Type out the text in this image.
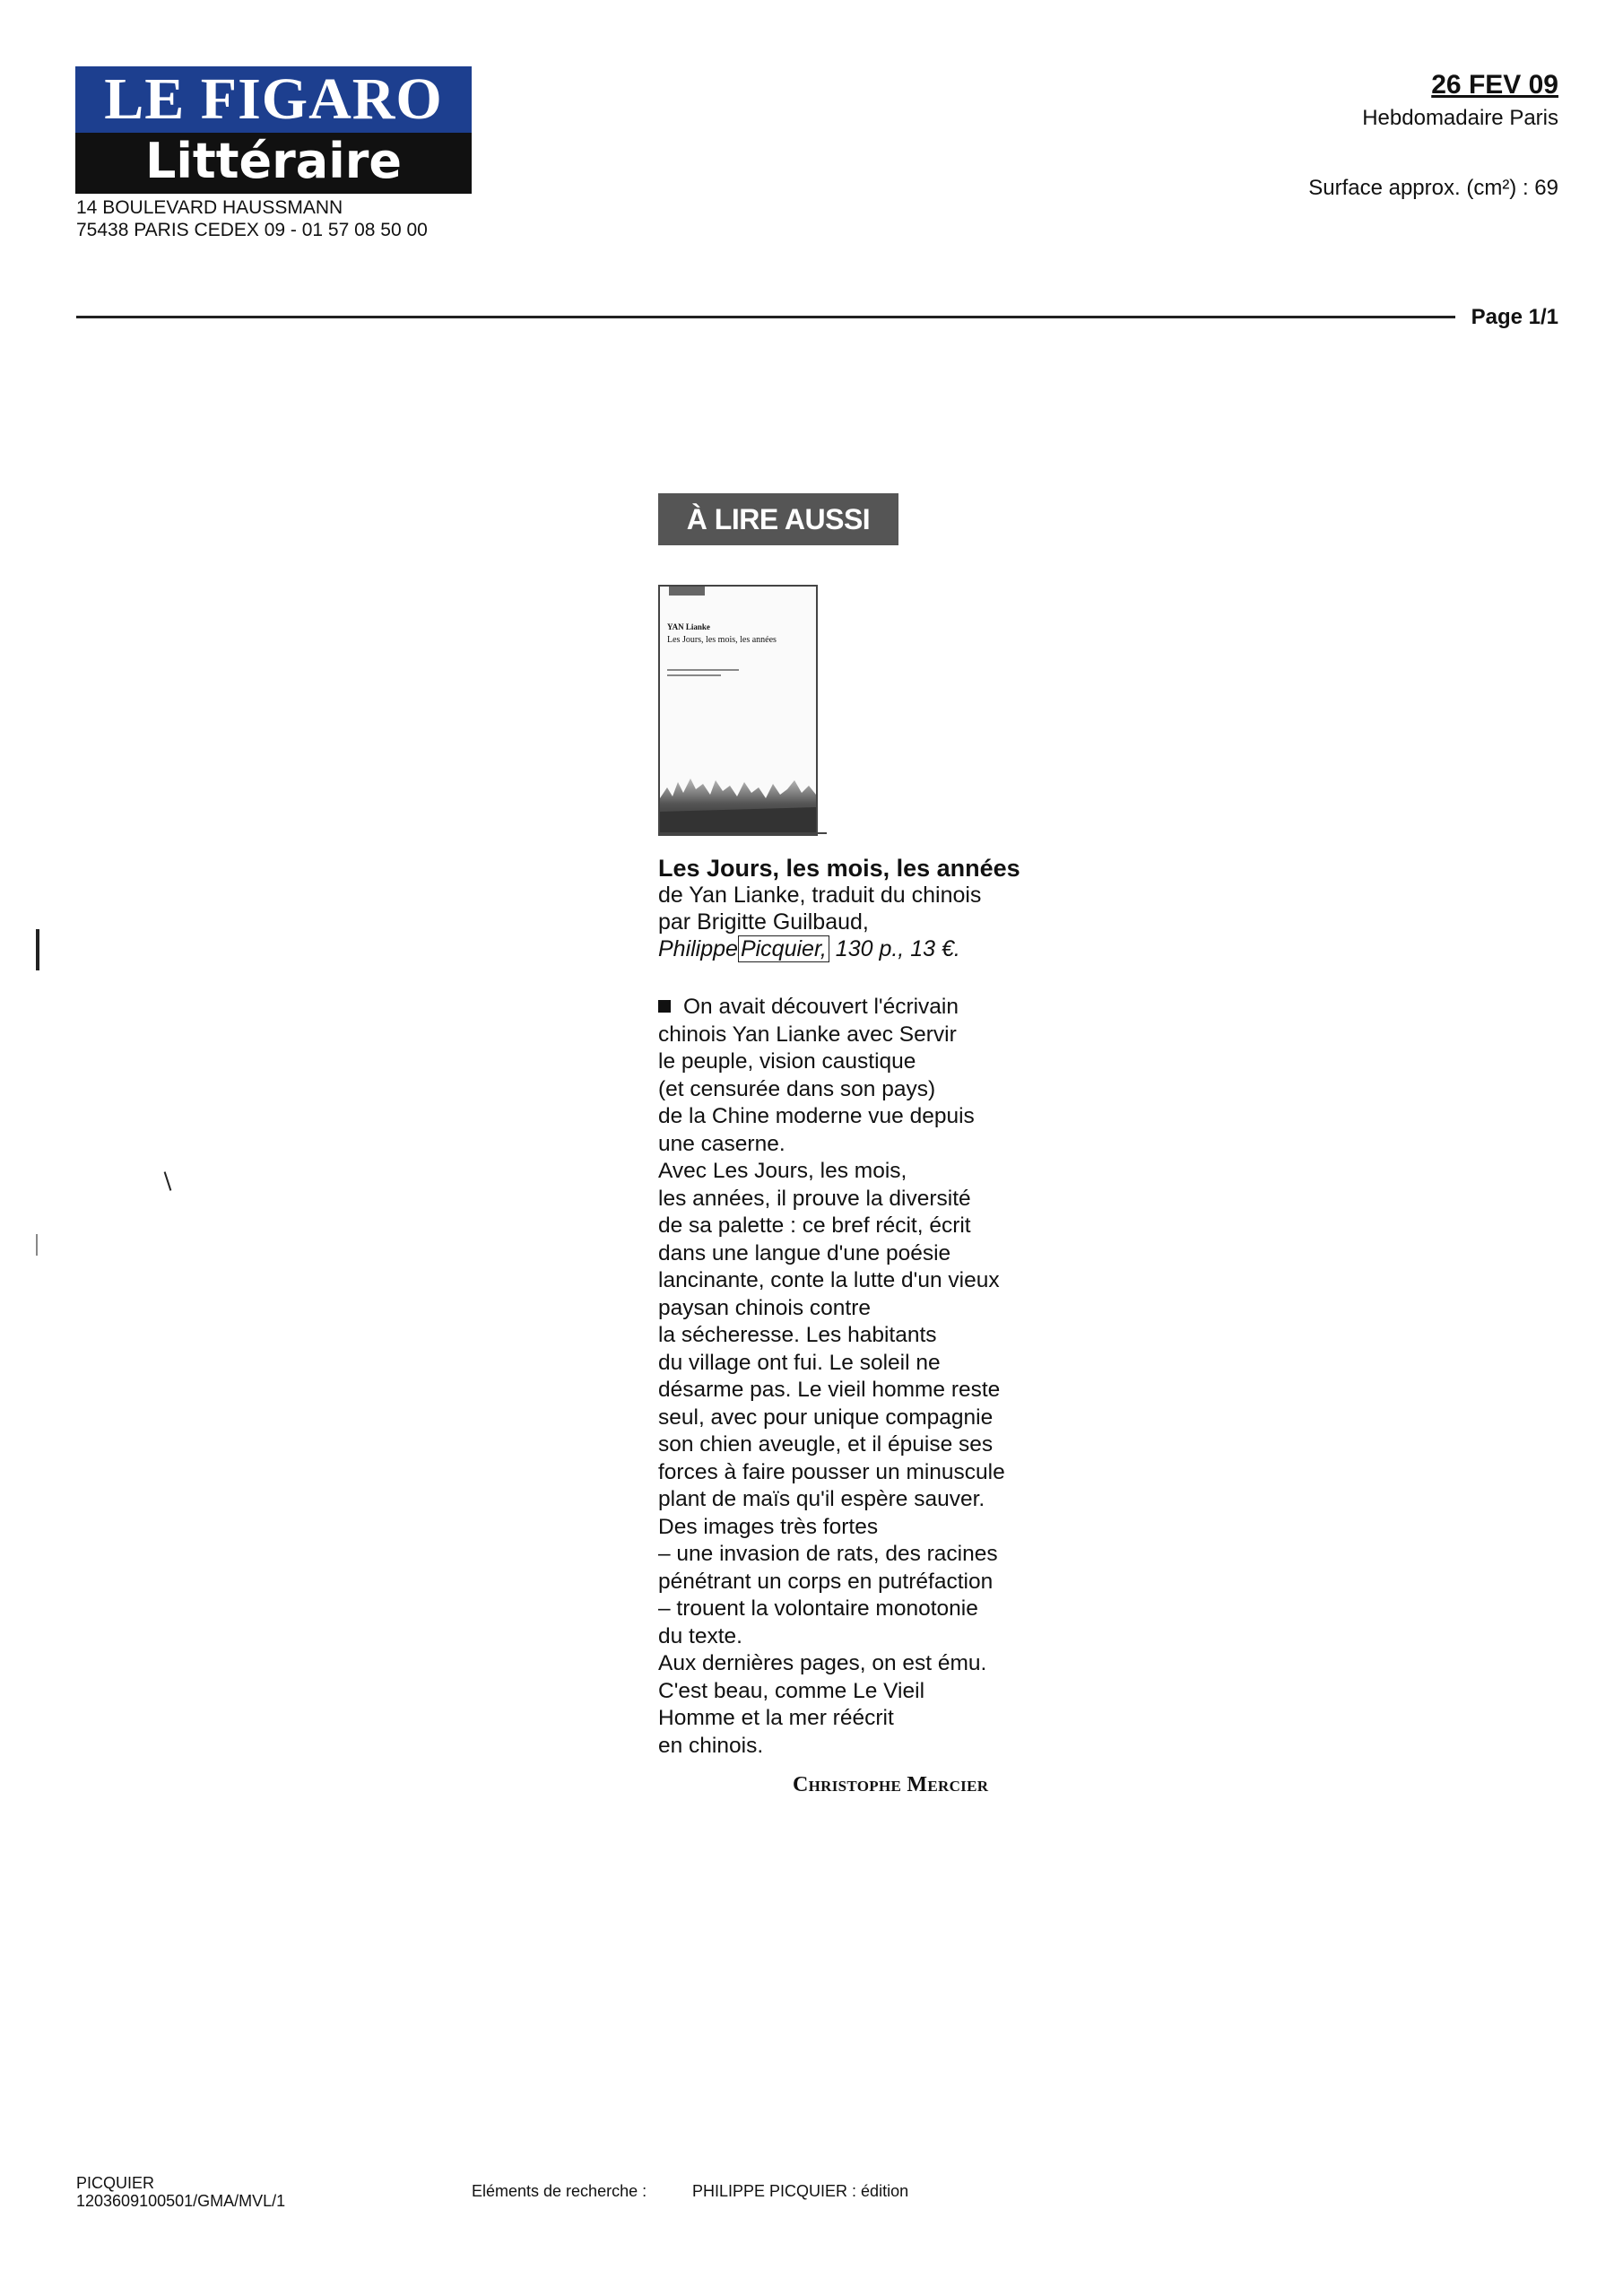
LE FIGARO
Littéraire
14 BOULEVARD HAUSSMANN
75438 PARIS CEDEX 09 - 01 57 08 50 00
26 FEV 09
Hebdomadaire Paris
Surface approx. (cm²) : 69
Page 1/1
À LIRE AUSSI
YAN Lianke
Les Jours, les mois, les années
Les Jours, les mois, les années
de Yan Lianke, traduit du chinois
par Brigitte Guilbaud,
Philippe Picquier, 130 p., 13 €.

On avait découvert l'écrivain

chinois Yan Lianke avec Servir

le peuple, vision caustique

(et censurée dans son pays)

de la Chine moderne vue depuis

une caserne.

Avec Les Jours, les mois,

les années, il prouve la diversité

de sa palette : ce bref récit, écrit

dans une langue d'une poésie

lancinante, conte la lutte d'un vieux

paysan chinois contre

la sécheresse. Les habitants

du village ont fui. Le soleil ne

désarme pas. Le vieil homme reste

seul, avec pour unique compagnie

son chien aveugle, et il épuise ses

forces à faire pousser un minuscule

plant de maïs qu'il espère sauver.

Des images très fortes

– une invasion de rats, des racines

pénétrant un corps en putréfaction

– trouent la volontaire monotonie

du texte.

Aux dernières pages, on est ému.

C'est beau, comme Le Vieil

Homme et la mer réécrit

en chinois.

Christophe Mercier
PICQUIER
1203609100501/GMA/MVL/1
Eléments de recherche :	PHILIPPE PICQUIER : édition
